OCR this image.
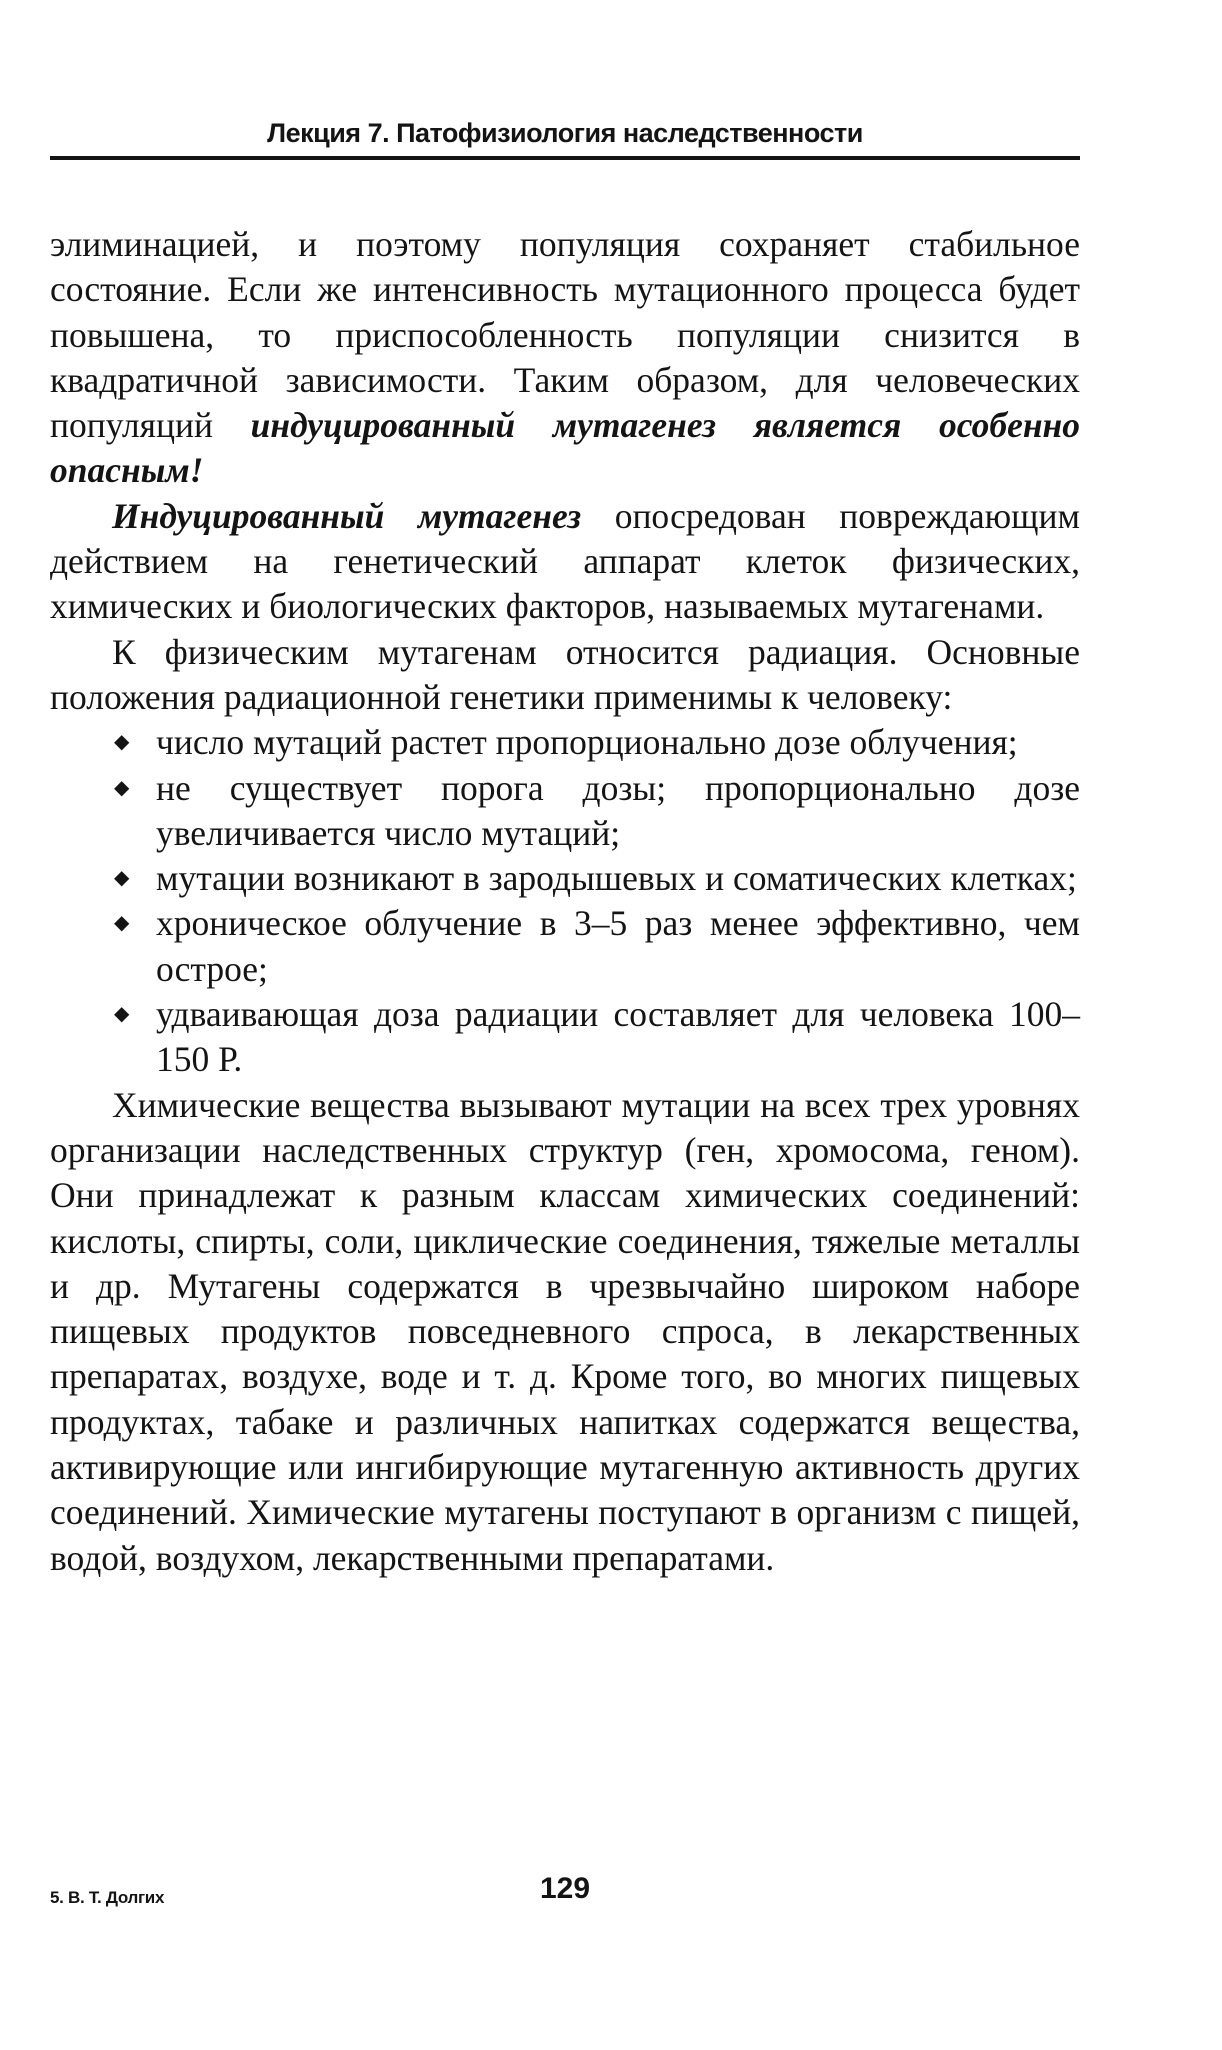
Лекция 7. Патофизиология наследственности

элиминацией, и поэтому популяция сохраняет стабильное состояние. Если же интенсивность мутационного процесса будет повышена, то приспособленность популяции снизится в квадратичной зависимости. Таким образом, для человеческих популяций индуцированный мутагенез является особенно опасным!

Индуцированный мутагенез опосредован повреждающим действием на генетический аппарат клеток физических, химических и биологических факторов, называемых мутагенами.

К физическим мутагенам относится радиация. Основные положения радиационной генетики применимы к человеку:

◆ число мутаций растет пропорционально дозе облучения;
◆ не существует порога дозы; пропорционально дозе увеличивается число мутаций;
◆ мутации возникают в зародышевых и соматических клетках;
◆ хроническое облучение в 3–5 раз менее эффективно, чем острое;
◆ удваивающая доза радиации составляет для человека 100–150 Р.

Химические вещества вызывают мутации на всех трех уровнях организации наследственных структур (ген, хромосома, геном). Они принадлежат к разным классам химических соединений: кислоты, спирты, соли, циклические соединения, тяжелые металлы и др. Мутагены содержатся в чрезвычайно широком наборе пищевых продуктов повседневного спроса, в лекарственных препаратах, воздухе, воде и т. д. Кроме того, во многих пищевых продуктах, табаке и различных напитках содержатся вещества, активирующие или ингибирующие мутагенную активность других соединений. Химические мутагены поступают в организм с пищей, водой, воздухом, лекарственными препаратами.

5. В. Т. Долгих	129
